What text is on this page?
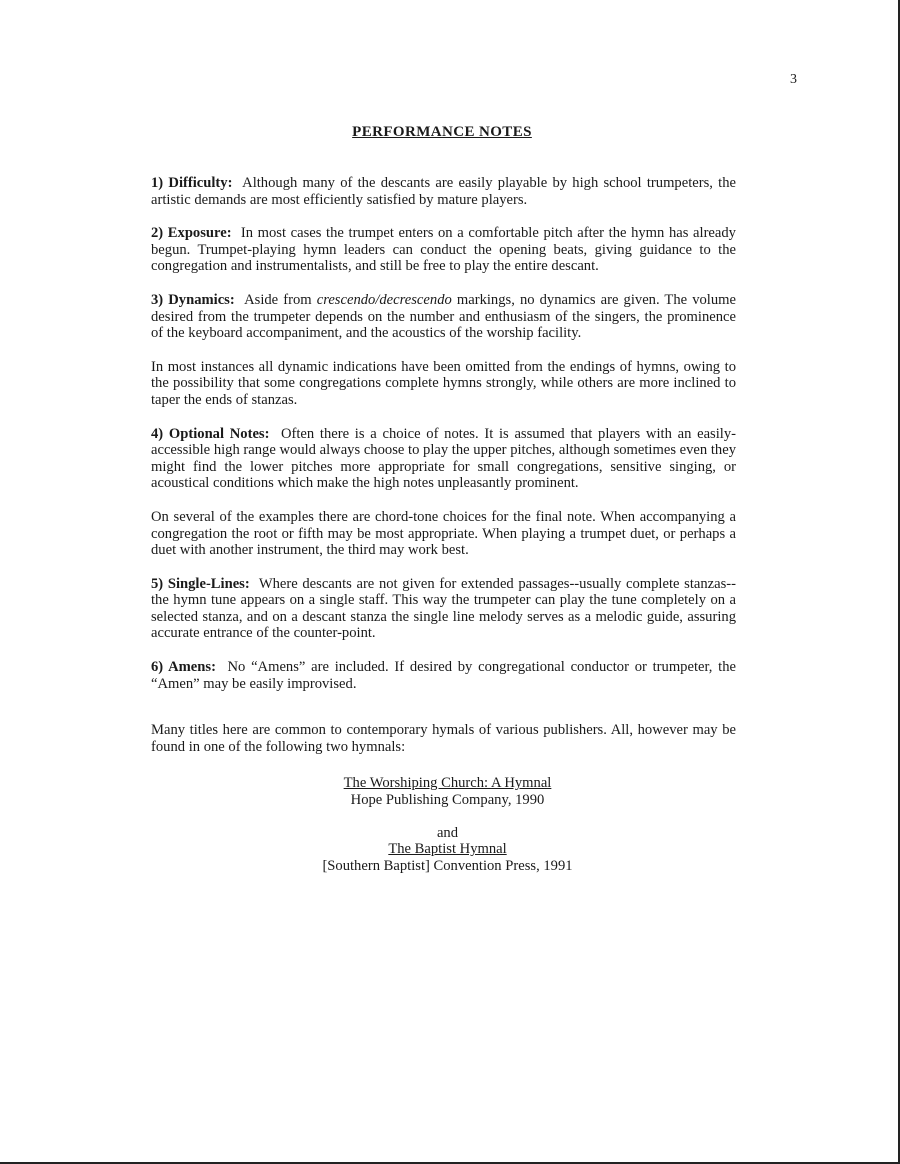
3
PERFORMANCE NOTES

1) Difficulty: Although many of the descants are easily playable by high school trumpeters, the artistic demands are most efficiently satisfied by mature players.

2) Exposure: In most cases the trumpet enters on a comfortable pitch after the hymn has already begun. Trumpet-playing hymn leaders can conduct the opening beats, giving guidance to the congregation and instrumentalists, and still be free to play the entire descant.

3) Dynamics: Aside from crescendo/decrescendo markings, no dynamics are given. The volume desired from the trumpeter depends on the number and enthusiasm of the singers, the prominence of the keyboard accompaniment, and the acoustics of the worship facility.

In most instances all dynamic indications have been omitted from the endings of hymns, owing to the possibility that some congregations complete hymns strongly, while others are more inclined to taper the ends of stanzas.

4) Optional Notes: Often there is a choice of notes. It is assumed that players with an easily-accessible high range would always choose to play the upper pitches, although sometimes even they might find the lower pitches more appropriate for small congregations, sensitive singing, or acoustical conditions which make the high notes unpleasantly prominent.

On several of the examples there are chord-tone choices for the final note. When accompanying a congregation the root or fifth may be most appropriate. When playing a trumpet duet, or perhaps a duet with another instrument, the third may work best.

5) Single-Lines: Where descants are not given for extended passages--usually complete stanzas--the hymn tune appears on a single staff. This way the trumpeter can play the tune completely on a selected stanza, and on a descant stanza the single line melody serves as a melodic guide, assuring accurate entrance of the counter-point.

6) Amens: No “Amens” are included. If desired by congregational conductor or trumpeter, the “Amen” may be easily improvised.

Many titles here are common to contemporary hymals of various publishers. All, however may be found in one of the following two hymnals:

The Worshiping Church: A Hymnal
Hope Publishing Company, 1990
and
The Baptist Hymnal
[Southern Baptist] Convention Press, 1991
